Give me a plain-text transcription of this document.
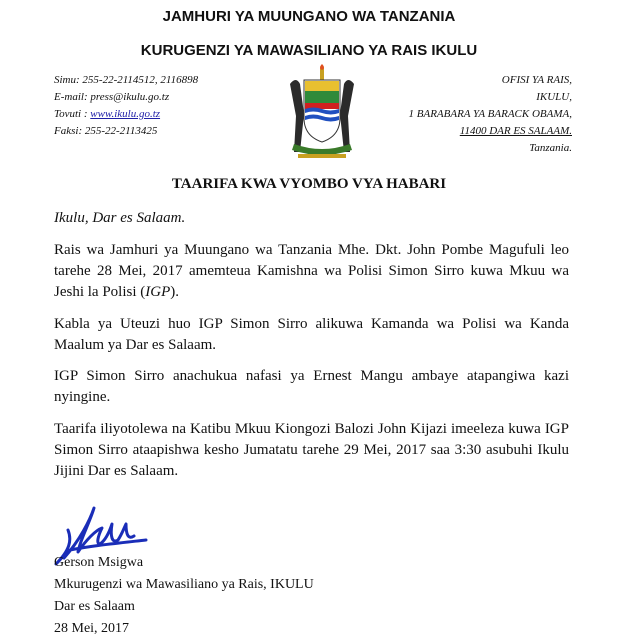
JAMHURI YA MUUNGANO WA TANZANIA
KURUGENZI YA MAWASILIANO YA RAIS IKULU
Simu: 255-22-2114512, 2116898
E-mail: press@ikulu.go.tz
Tovuti : www.ikulu.go.tz
Faksi: 255-22-2113425
OFISI YA RAIS,
IKULU,
1 BARABARA YA BARACK OBAMA,
11400 DAR ES SALAAM.
Tanzania.
TAARIFA KWA VYOMBO VYA HABARI

Ikulu, Dar es Salaam.

Rais wa Jamhuri ya Muungano wa Tanzania Mhe. Dkt. John Pombe Magufuli leo tarehe 28 Mei, 2017 amemteua Kamishna wa Polisi Simon Sirro kuwa Mkuu wa Jeshi la Polisi (IGP).

Kabla ya Uteuzi huo IGP Simon Sirro alikuwa Kamanda wa Polisi wa Kanda Maalum ya Dar es Salaam.

IGP Simon Sirro anachukua nafasi ya Ernest Mangu ambaye atapangiwa kazi nyingine.

Taarifa iliyotolewa na Katibu Mkuu Kiongozi Balozi John Kijazi imeeleza kuwa IGP Simon Sirro ataapishwa kesho Jumatatu tarehe 29 Mei, 2017 saa 3:30 asubuhi Ikulu Jijini Dar es Salaam.

Gerson Msigwa

Mkurugenzi wa Mawasiliano ya Rais, IKULU

Dar es Salaam

28 Mei, 2017
